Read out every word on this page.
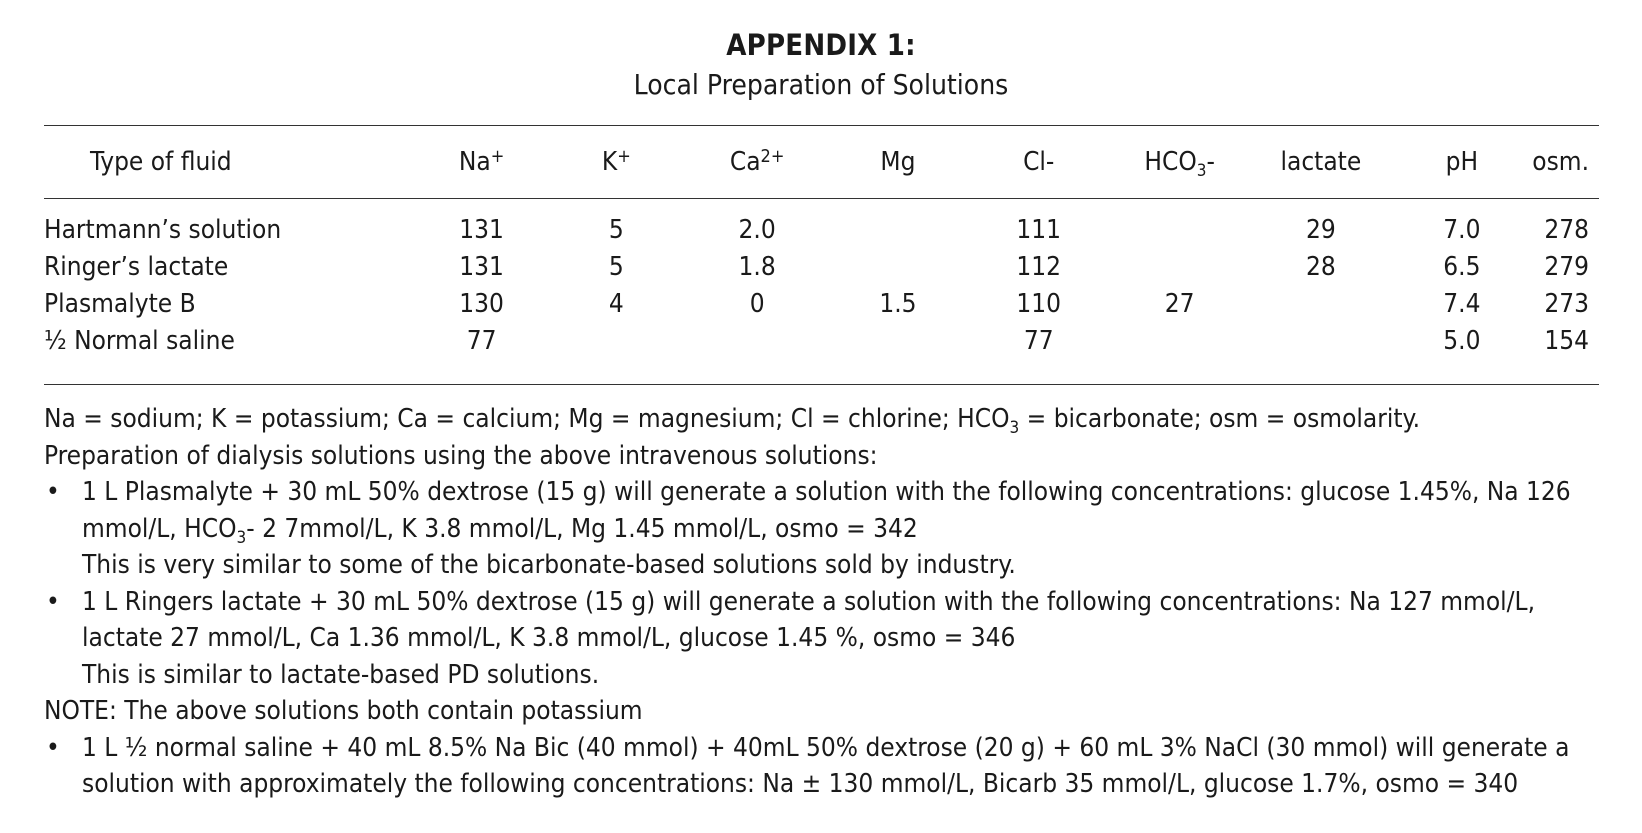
APPENDIX 1:
Local Preparation of Solutions
Type of fluid	Na+	K+	$Ca^{2+}$	Mg	Cl-	$HCO_3-$	lactate	pH	osm.
Hartmann’s solution	131	5	2.0		111		29	7.0	278
Ringer’s lactate	131	5	1.8		112		28	6.5	279
Plasmalyte B	130	4	0	1.5	110	27		7.4	273
½ Normal saline	77				77			5.0	154

Na = sodium; K = potassium; Ca = calcium; Mg = magnesium; Cl = chlorine; $HCO_3$ = bicarbonate; osm = osmolarity.

Preparation of dialysis solutions using the above intravenous solutions:

• 1 L Plasmalyte + 30 mL 50% dextrose (15 g) will generate a solution with the following concentrations: glucose 1.45%, Na 126 mmol/L, $HCO_3-$ 2 7mmol/L, K 3.8 mmol/L, Mg 1.45 mmol/L, osmo = 342
This is very similar to some of the bicarbonate-based solutions sold by industry.
• 1 L Ringers lactate + 30 mL 50% dextrose (15 g) will generate a solution with the following concentrations: Na 127 mmol/L, lactate 27 mmol/L, Ca 1.36 mmol/L, K 3.8 mmol/L, glucose 1.45 %, osmo = 346
This is similar to lactate-based PD solutions.

NOTE: The above solutions both contain potassium

• 1 L ½ normal saline + 40 mL 8.5% Na Bic (40 mmol) + 40mL 50% dextrose (20 g) + 60 mL 3% NaCl (30 mmol) will generate a solution with approximately the following concentrations: Na ± 130 mmol/L, Bicarb 35 mmol/L, glucose 1.7%, osmo = 340
